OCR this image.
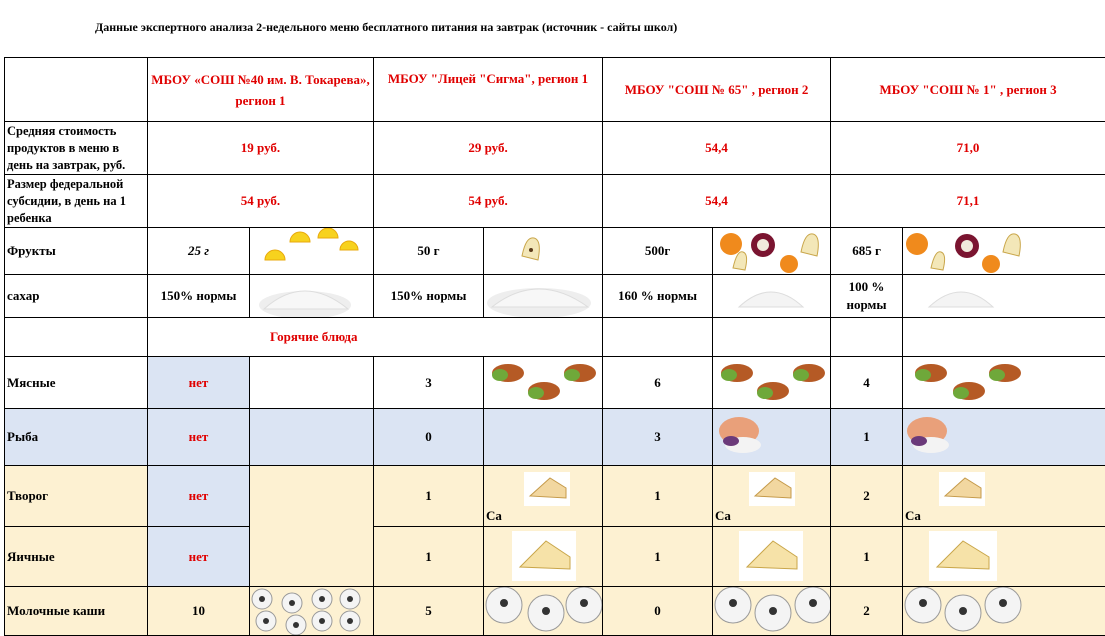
Данные экспертного анализа 2-недельного меню бесплатного питания на завтрак (источник - сайты школ)
	МБОУ «СОШ №40 им. В. Токарева», регион 1		МБОУ "Лицей "Сигма", регион 1		МБОУ "СОШ № 65" , регион 2		МБОУ "СОШ № 1" , регион 3	

Средняя стоимость продуктов в меню в день на завтрак, руб.	19 руб.		29 руб.		54,4		71,0	

Размер федеральной субсидии, в день на 1 ребенка	54 руб.		54 руб.		54,4		71,1	
Фрукты	25 г		50 г		500г		685 г	

сахар	150% нормы		150% нормы		160 % нормы		100 % нормы	

	Горячие блюда							
Мясные	нет		3		6		4	

Рыба	нет		0		3		1	

Творог	нет		1	Ca	1	Ca	2	Ca

Яичные	нет		1		1		1	

Молочные каши	10		5		0		2	
